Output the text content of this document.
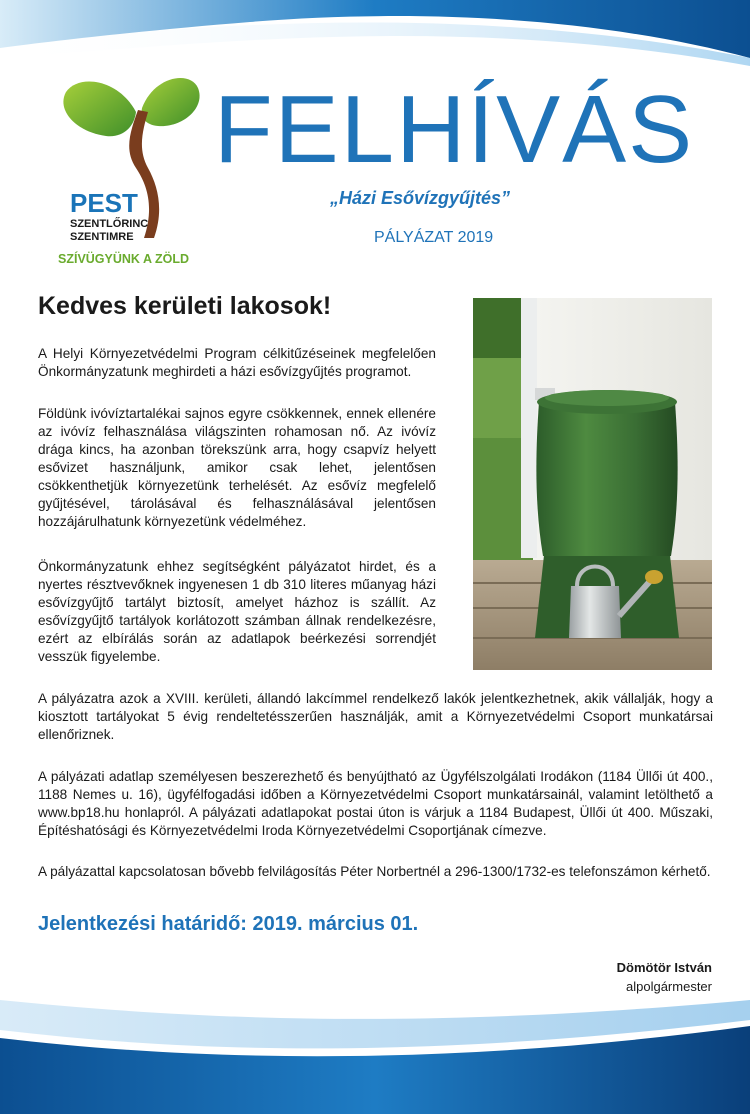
PEST
SZENTLŐRINC
SZENTIMRE
SZÍVÜGYÜNK A ZÖLD
FELHÍVÁS
„Házi Esővízgyűjtés”
PÁLYÁZAT 2019
Kedves kerületi lakosok!
A Helyi Környezetvédelmi Program célkitűzéseinek megfelelően Önkormányzatunk meghirdeti a házi esővízgyűjtés programot.
Földünk ivóvíztartalékai sajnos egyre csökkennek, ennek ellenére az ivóvíz felhasználása világszinten rohamosan nő. Az ivóvíz drága kincs, ha azonban törekszünk arra, hogy csapvíz helyett esővizet használjunk, amikor csak lehet, jelentősen csökkenthetjük környezetünk terhelését. Az esővíz megfelelő gyűjtésével, tárolásával és felhasználásával jelentősen hozzájárulhatunk környezetünk védelméhez.
Önkormányzatunk ehhez segítségként pályázatot hirdet, és a nyertes résztvevőknek ingyenesen 1 db 310 literes műanyag házi esővízgyűjtő tartályt biztosít, amelyet házhoz is szállít. Az esővízgyűjtő tartályok korlátozott számban állnak rendelkezésre, ezért az elbírálás során az adatlapok beérkezési sorrendjét vesszük figyelembe.
A pályázatra azok a XVIII. kerületi, állandó lakcímmel rendelkező lakók jelentkezhetnek, akik vállalják, hogy a kiosztott tartályokat 5 évig rendeltetésszerűen használják, amit a Környezetvédelmi Csoport munkatársai ellenőriznek.
A pályázati adatlap személyesen beszerezhető és benyújtható az Ügyfélszolgálati Irodákon (1184 Üllői út 400., 1188 Nemes u. 16), ügyfélfogadási időben a Környezetvédelmi Csoport munkatársainál, valamint letölthető a www.bp18.hu honlapról. A pályázati adatlapokat postai úton is várjuk a 1184 Budapest, Üllői út 400. Műszaki, Építéshatósági és Környezetvédelmi Iroda Környezetvédelmi Csoportjának címezve.
A pályázattal kapcsolatosan bővebb felvilágosítás Péter Norbertnél a 296-1300/1732-es telefonszámon kérhető.
Jelentkezési határidő: 2019. március 01.
Dömötör István
alpolgármester
